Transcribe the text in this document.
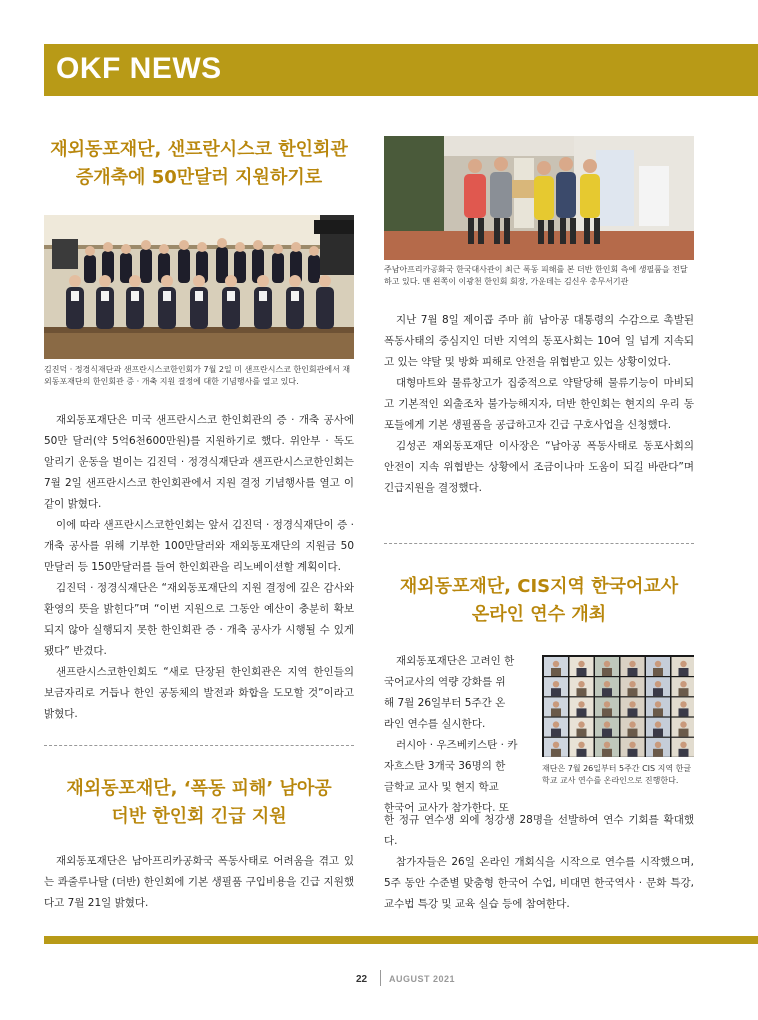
OKF NEWS
재외동포재단, 샌프란시스코 한인회관
증개축에 50만달러 지원하기로
김진덕 · 정경식재단과 샌프란시스코한인회가 7월 2일 미 샌프란시스코 한인회관에서 재외동포재단의 한인회관 증 · 개축 지원 결정에 대한 기념행사를 열고 있다.

재외동포재단은 미국 샌프란시스코 한인회관의 증 · 개축 공사에 50만 달러(약 5억6천600만원)를 지원하기로 했다. 위안부 · 독도 알리기 운동을 벌이는 김진덕 · 정경식재단과 샌프란시스코한인회는 7월 2일 샌프란시스코 한인회관에서 지원 결정 기념행사를 열고 이같이 밝혔다.

이에 따라 샌프란시스코한인회는 앞서 김진덕 · 정경식재단이 증 · 개축 공사를 위해 기부한 100만달러와 재외동포재단의 지원금 50만달러 등 150만달러를 들여 한인회관을 리노베이션할 계획이다.

김진덕 · 정경식재단은 “재외동포재단의 지원 결정에 깊은 감사와 환영의 뜻을 밝힌다”며 “이번 지원으로 그동안 예산이 충분히 확보되지 않아 실행되지 못한 한인회관 증 · 개축 공사가 시행될 수 있게 됐다” 반겼다.

샌프란시스코한인회도 “새로 단장된 한인회관은 지역 한인들의 보금자리로 거듭나 한인 공동체의 발전과 화합을 도모할 것”이라고 밝혔다.

재외동포재단, ‘폭동 피해’ 남아공
더반 한인회 긴급 지원

재외동포재단은 남아프리카공화국 폭동사태로 어려움을 겪고 있는 콰줄루나탈 (더반) 한인회에 기본 생필품 구입비용을 긴급 지원했다고 7월 21일 밝혔다.

주남아프리카공화국 한국대사관이 최근 폭동 피해를 본 더반 한인회 측에 생필품을 전달하고 있다. 맨 왼쪽이 이광천 한인회 회장, 가운데는 김신우 총무서기관

지난 7월 8일 제이콥 주마 前 남아공 대통령의 수감으로 촉발된 폭동사태의 중심지인 더반 지역의 동포사회는 10여 일 넘게 지속되고 있는 약탈 및 방화 피해로 안전을 위협받고 있는 상황이었다.

대형마트와 물류창고가 집중적으로 약탈당해 물류기능이 마비되고 기본적인 외출조차 불가능해지자, 더반 한인회는 현지의 우리 동포들에게 기본 생필품을 공급하고자 긴급 구호사업을 신청했다.

김성곤 재외동포재단 이사장은 “남아공 폭동사태로 동포사회의 안전이 지속 위협받는 상황에서 조금이나마 도움이 되길 바란다”며 긴급지원을 결정했다.

재외동포재단, CIS지역 한국어교사
온라인 연수 개최
재외동포재단은 고려인 한
국어교사의 역량 강화를 위
해 7월 26일부터 5주간 온
라인 연수를 실시한다.
러시아 · 우즈베키스탄 · 카
자흐스탄 3개국 36명의 한
글학교 교사 및 현지 학교
한국어 교사가 참가한다. 또
재단은 7월 26일부터 5주간 CIS 지역 한글학교 교사 연수를 온라인으로 진행한다.

한 정규 연수생 외에 청강생 28명을 선발하여 연수 기회를 확대했다.

참가자들은 26일 온라인 개회식을 시작으로 연수를 시작했으며, 5주 동안 수준별 맞춤형 한국어 수업, 비대면 한국역사 · 문화 특강, 교수법 특강 및 교육 실습 등에 참여한다.

22 AUGUST 2021
